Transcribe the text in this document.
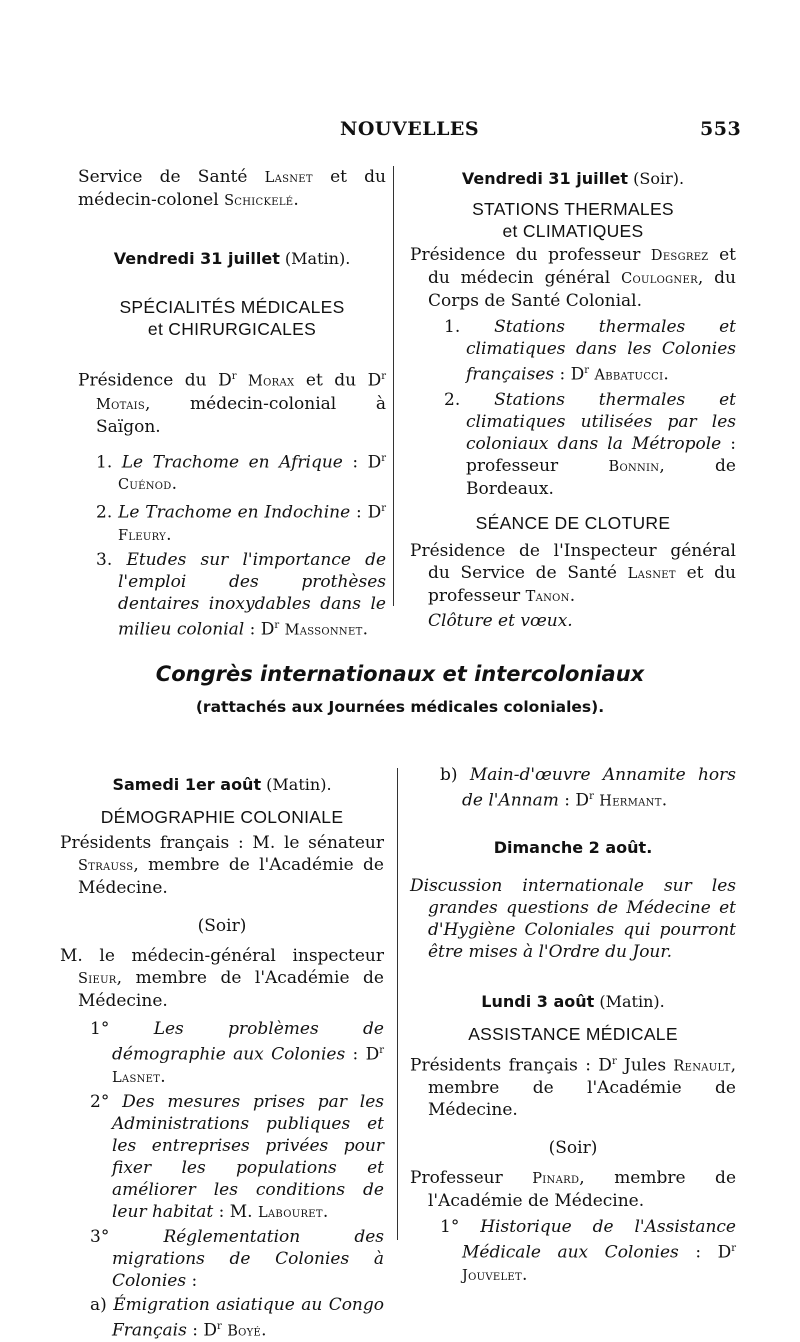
NOUVELLES	553

Service de Santé Lasnet et du médecin-colonel Schickelé.

Vendredi 31 juillet (Matin).

SPÉCIALITÉS MÉDICALES

et CHIRURGICALES

Présidence du $D^r$ Morax et du $D^r$ Motais, médecin-colonial à Saïgon.

1. Le Trachome en Afrique : $D^r$ Cuénod.

2. Le Trachome en Indochine : $D^r$ Fleury.

3. Etudes sur l'importance de l'emploi des prothèses dentaires inoxydables dans le milieu colonial : $D^r$ Massonnet.

Vendredi 31 juillet (Soir).

STATIONS THERMALES

et CLIMATIQUES

Présidence du professeur Desgrez et du médecin général Coulogner, du Corps de Santé Colonial.

1. Stations thermales et climatiques dans les Colonies françaises : $D^r$ Abbatucci.

2. Stations thermales et climatiques utilisées par les coloniaux dans la Métropole : professeur Bonnin, de Bordeaux.

SÉANCE DE CLOTURE

Présidence de l'Inspecteur général du Service de Santé Lasnet et du professeur Tanon.

Clôture et vœux.

Congrès internationaux et intercoloniaux
(rattachés aux Journées médicales coloniales).

Samedi 1er août (Matin).

DÉMOGRAPHIE COLONIALE

Présidents français : M. le sénateur Strauss, membre de l'Académie de Médecine.

(Soir)

M. le médecin-général inspecteur Sieur, membre de l'Académie de Médecine.

1°	Les problèmes de démographie aux Colonies : $D^r$ Lasnet.

2° Des mesures prises par les Administrations publiques et les entreprises privées pour fixer les populations et améliorer les conditions de leur habitat : M. Labouret.

3°	Réglementation des migrations de Colonies à Colonies :

a) Émigration asiatique au Congo Français : $D^r$ Boyé.

b) Main-d'œuvre Annamite hors de l'Annam : $D^r$ Hermant.

Dimanche 2 août.

Discussion internationale sur les grandes questions de Médecine et d'Hygiène Coloniales qui pourront être mises à l'Ordre du Jour.

Lundi 3 août (Matin).

ASSISTANCE MÉDICALE

Présidents français : $D^r$ Jules Renault, membre de l'Académie de Médecine.

(Soir)

Professeur Pinard, membre de l'Académie de Médecine.

1° Historique de l'Assistance Médicale aux Colonies : $D^r$ Jouvelet.
